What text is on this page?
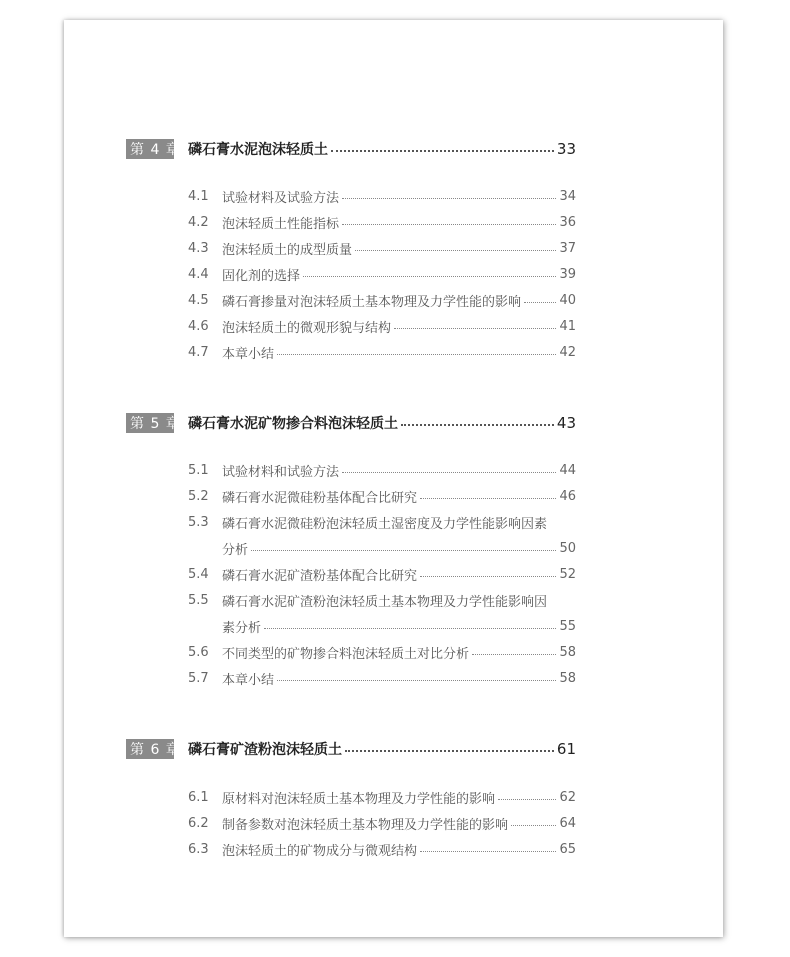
第 4 章 磷石膏水泥泡沫轻质土	33
4.1	试验材料及试验方法	34
4.2	泡沫轻质土性能指标	36
4.3	泡沫轻质土的成型质量	37
4.4	固化剂的选择	39
4.5	磷石膏掺量对泡沫轻质土基本物理及力学性能的影响	40
4.6	泡沫轻质土的微观形貌与结构	41
4.7	本章小结	42
第 5 章 磷石膏水泥矿物掺合料泡沫轻质土	43
5.1	试验材料和试验方法	44
5.2	磷石膏水泥微硅粉基体配合比研究	46
5.3	磷石膏水泥微硅粉泡沫轻质土湿密度及力学性能影响因素
分析	50
5.4	磷石膏水泥矿渣粉基体配合比研究	52
5.5	磷石膏水泥矿渣粉泡沫轻质土基本物理及力学性能影响因
素分析	55
5.6	不同类型的矿物掺合料泡沫轻质土对比分析	58
5.7	本章小结	58
第 6 章 磷石膏矿渣粉泡沫轻质土	61
6.1	原材料对泡沫轻质土基本物理及力学性能的影响	62
6.2	制备参数对泡沫轻质土基本物理及力学性能的影响	64
6.3	泡沫轻质土的矿物成分与微观结构	65
